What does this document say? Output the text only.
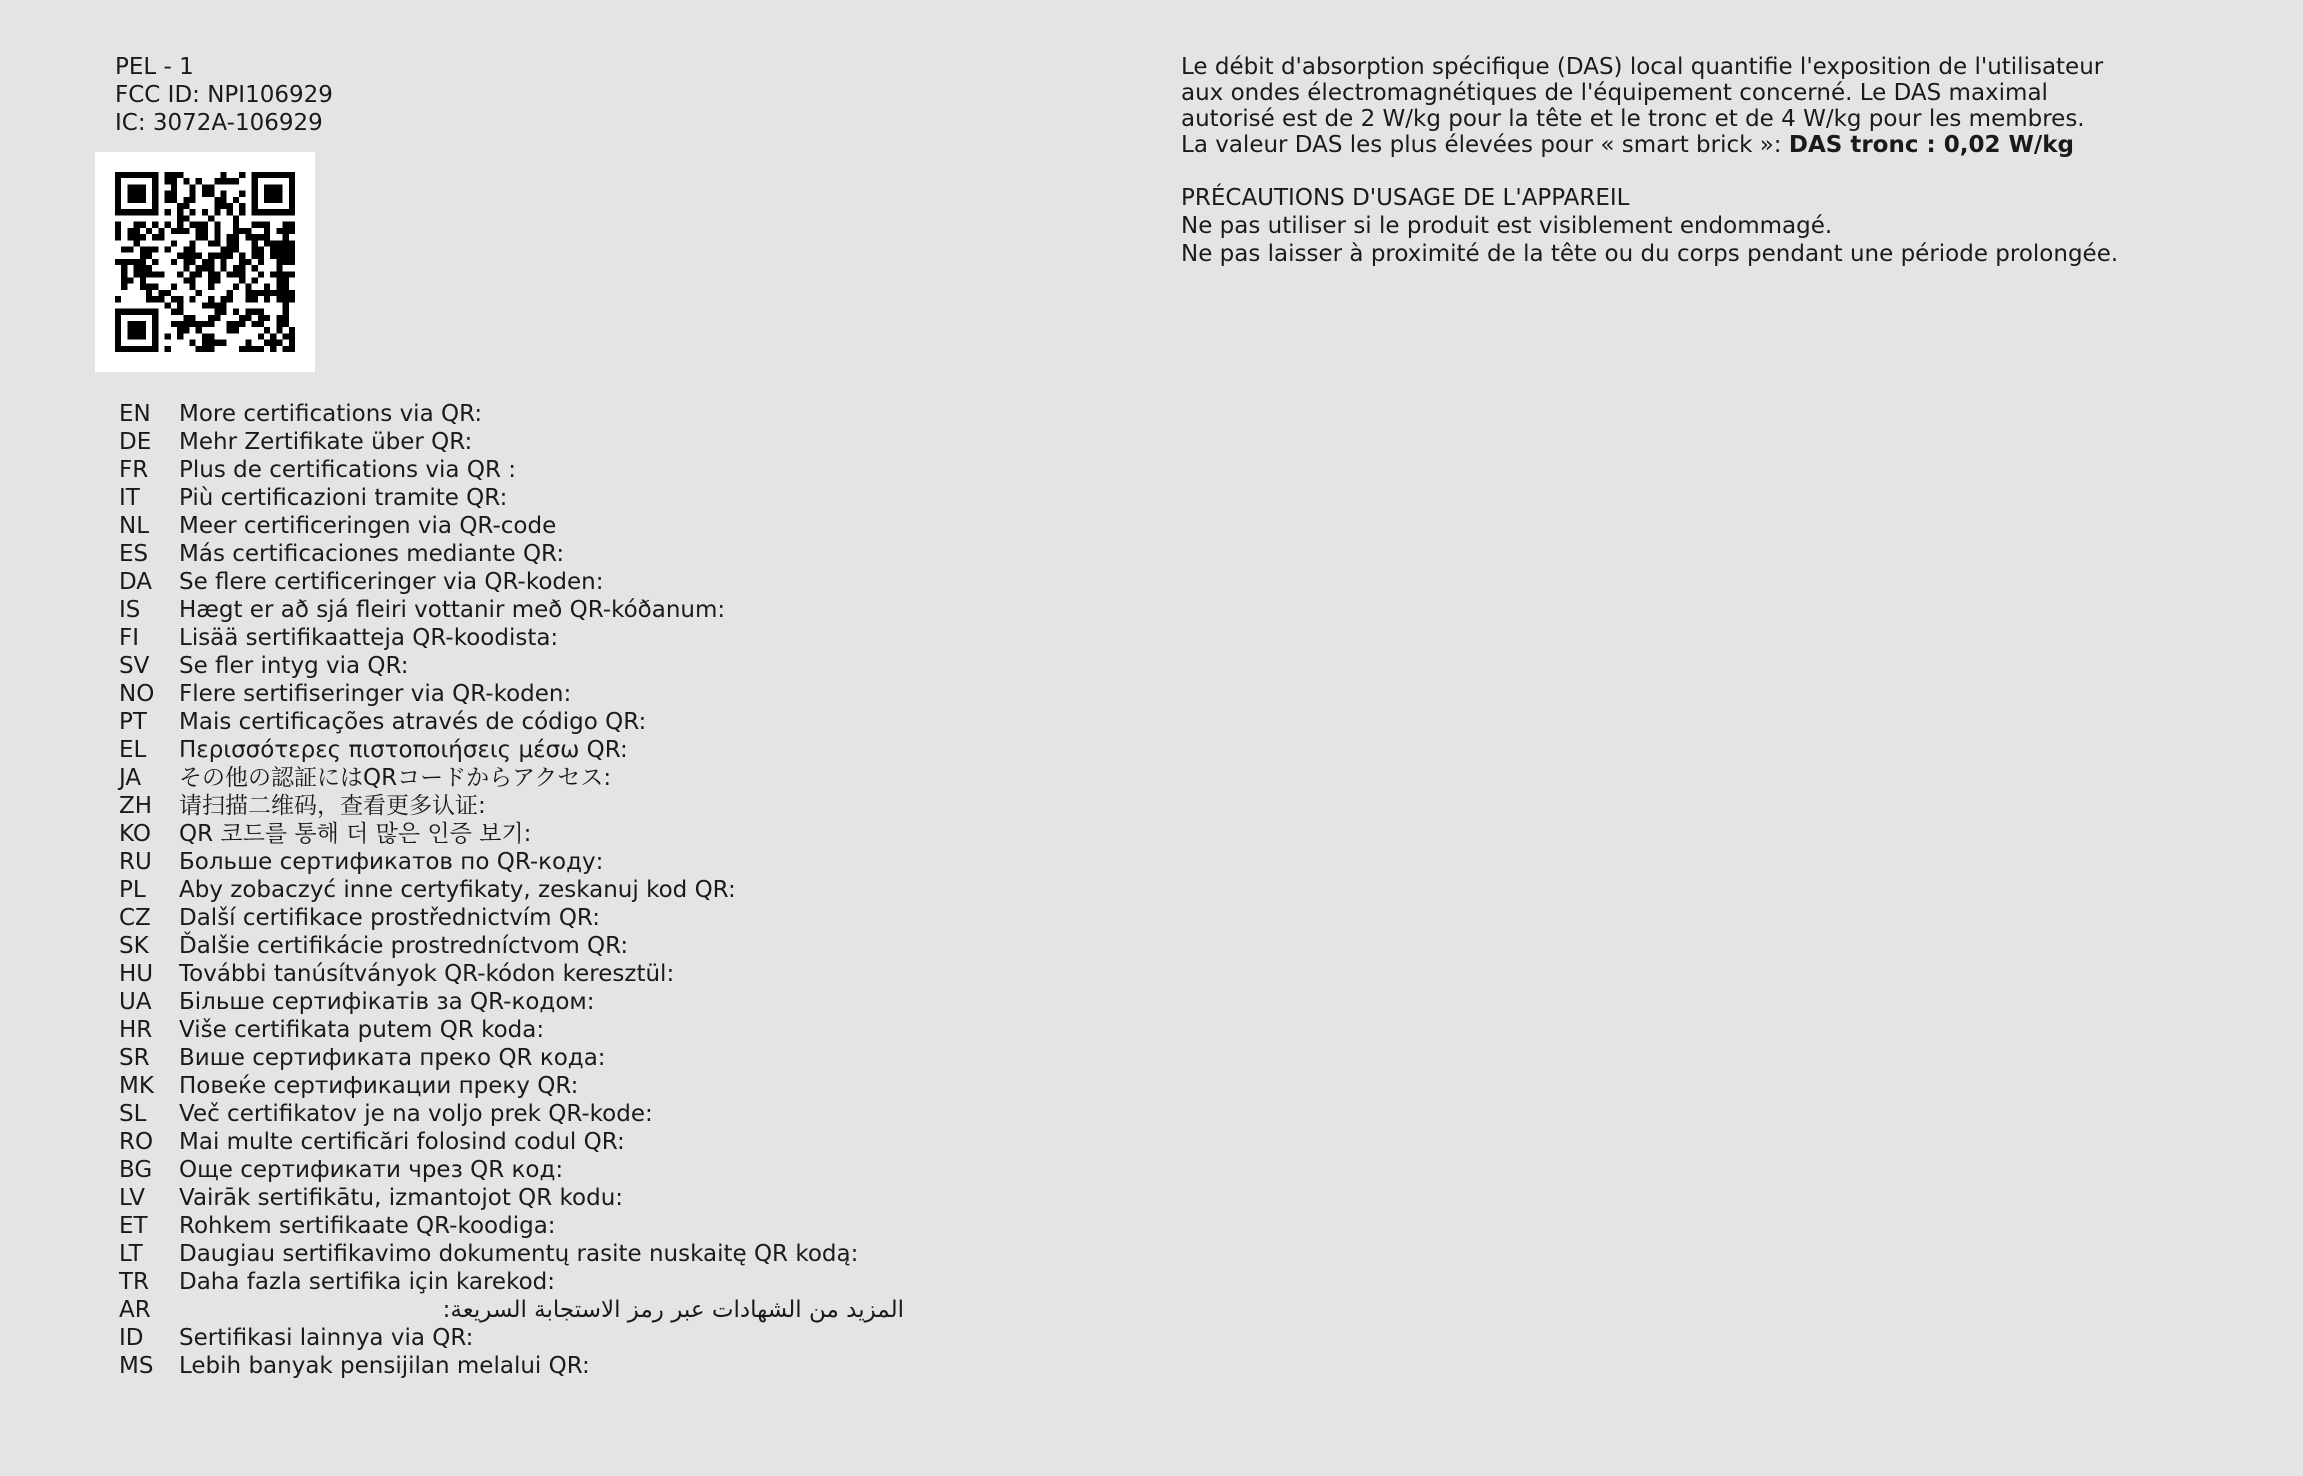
PEL - 1
FCC ID: NPI106929
IC: 3072A-106929
EN	More certifications via QR:
DE	Mehr Zertifikate über QR:
FR	Plus de certifications via QR :
IT	Più certificazioni tramite QR:
NL	Meer certificeringen via QR-code
ES	Más certificaciones mediante QR:
DA	Se flere certificeringer via QR-koden:
IS	Hægt er að sjá fleiri vottanir með QR-kóðanum:
FI	Lisää sertifikaatteja QR-koodista:
SV	Se fler intyg via QR:
NO	Flere sertifiseringer via QR-koden:
PT	Mais certificações através de código QR:
EL	Περισσότερες πιστοποιήσεις μέσω QR:
JA	その他の認証にはQRコードからアクセス:
ZH	请扫描二维码，查看更多认证:
KO	QR 코드를 통해 더 많은 인증 보기:
RU	Больше сертификатов по QR-коду:
PL	Aby zobaczyć inne certyfikaty, zeskanuj kod QR:
CZ	Další certifikace prostřednictvím QR:
SK	Ďalšie certifikácie prostredníctvom QR:
HU	További tanúsítványok QR-kódon keresztül:
UA	Більше сертифікатів за QR-кодом:
HR	Više certifikata putem QR koda:
SR	Више сертификата преко QR кода:
MK	Повеќе сертификации преку QR:
SL	Več certifikatov je na voljo prek QR-kode:
RO	Mai multe certificări folosind codul QR:
BG	Още сертификати чрез QR код:
LV	Vairāk sertifikātu, izmantojot QR kodu:
ET	Rohkem sertifikaate QR-koodiga:
LT	Daugiau sertifikavimo dokumentų rasite nuskaitę QR kodą:
TR	Daha fazla sertifika için karekod:
AR	المزيد من الشهادات عبر رمز الاستجابة السريعة:
ID	Sertifikasi lainnya via QR:
MS	Lebih banyak pensijilan melalui QR:
Le débit d'absorption spécifique (DAS) local quantifie l'exposition de l'utilisateur
aux ondes électromagnétiques de l'équipement concerné. Le DAS maximal
autorisé est de 2 W/kg pour la tête et le tronc et de 4 W/kg pour les membres.
La valeur DAS les plus élevées pour « smart brick »: DAS tronc : 0,02 W/kg
PRÉCAUTIONS D'USAGE DE L'APPAREIL
Ne pas utiliser si le produit est visiblement endommagé.
Ne pas laisser à proximité de la tête ou du corps pendant une période prolongée.
